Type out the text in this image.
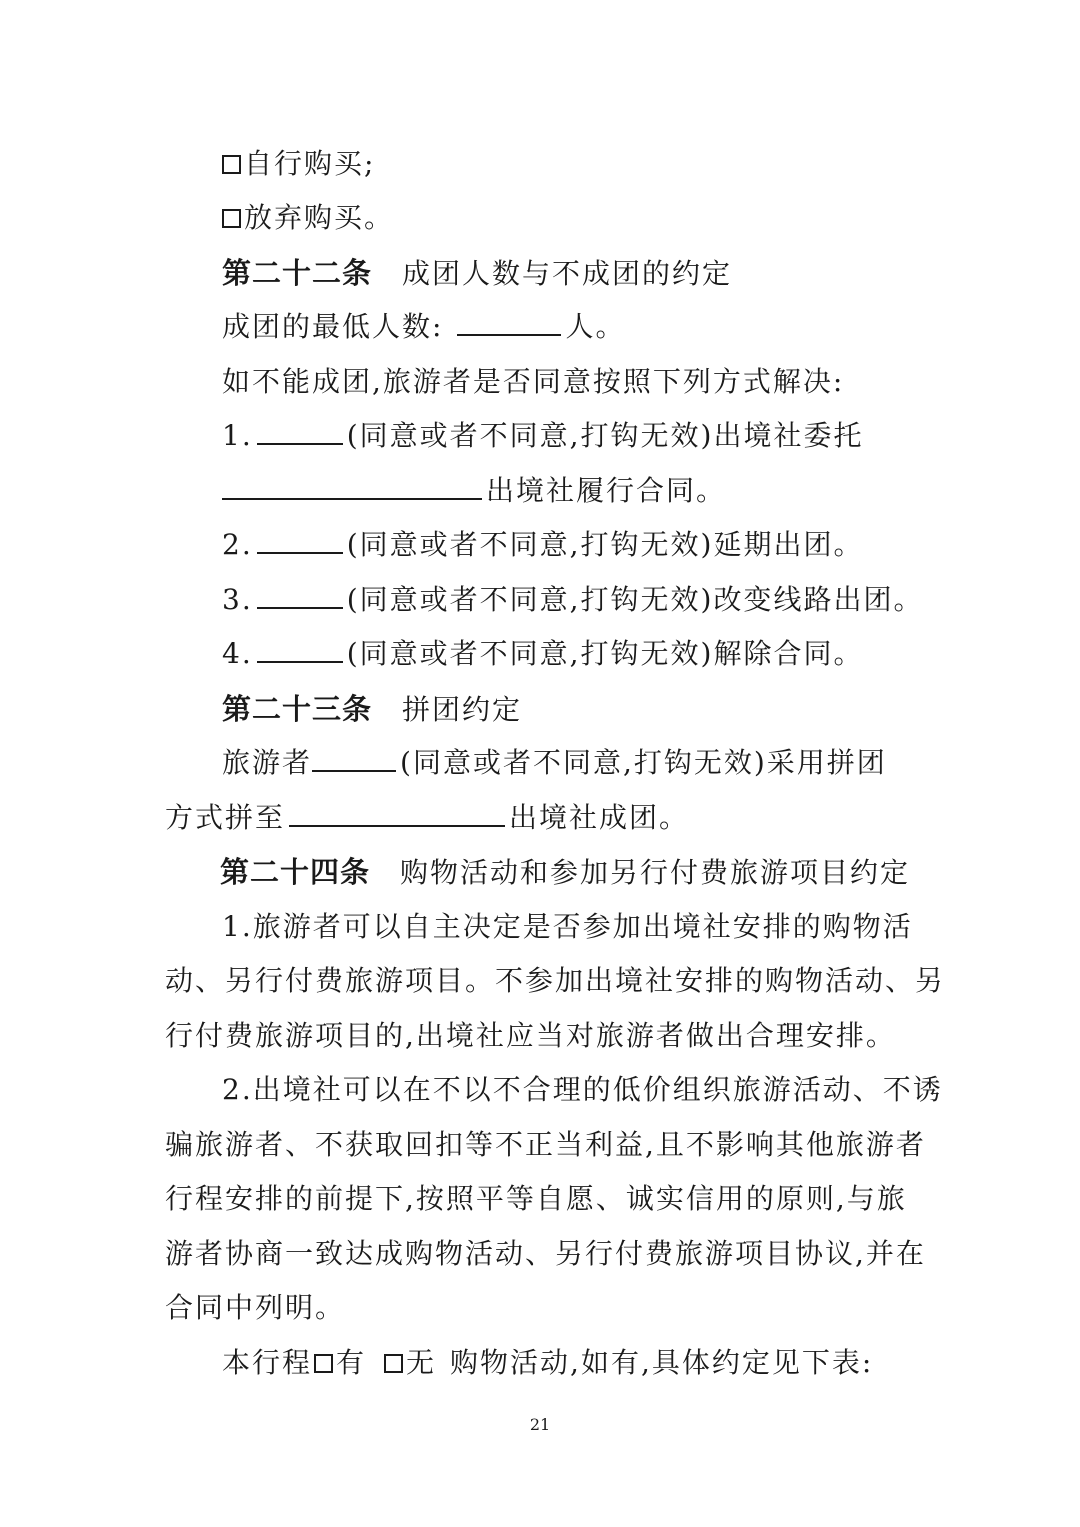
自行购买;
放弃购买。
第二十二条 成团人数与不成团的约定
成团的最低人数:	人。
如不能成团,旅游者是否同意按照下列方式解决:
1.	(同意或者不同意,打钩无效)出境社委托
出境社履行合同。
2.	(同意或者不同意,打钩无效)延期出团。
3.	(同意或者不同意,打钩无效)改变线路出团。
4.	(同意或者不同意,打钩无效)解除合同。
第二十三条 拼团约定
旅游者	(同意或者不同意,打钩无效)采用拼团
方式拼至	出境社成团。
第二十四条 购物活动和参加另行付费旅游项目约定
1.旅游者可以自主决定是否参加出境社安排的购物活
动、另行付费旅游项目。不参加出境社安排的购物活动、另
行付费旅游项目的,出境社应当对旅游者做出合理安排。
2.出境社可以在不以不合理的低价组织旅游活动、不诱
骗旅游者、不获取回扣等不正当利益,且不影响其他旅游者
行程安排的前提下,按照平等自愿、诚实信用的原则,与旅
游者协商一致达成购物活动、另行付费旅游项目协议,并在
合同中列明。
本行程 有 无 购物活动,如有,具体约定见下表:
21
